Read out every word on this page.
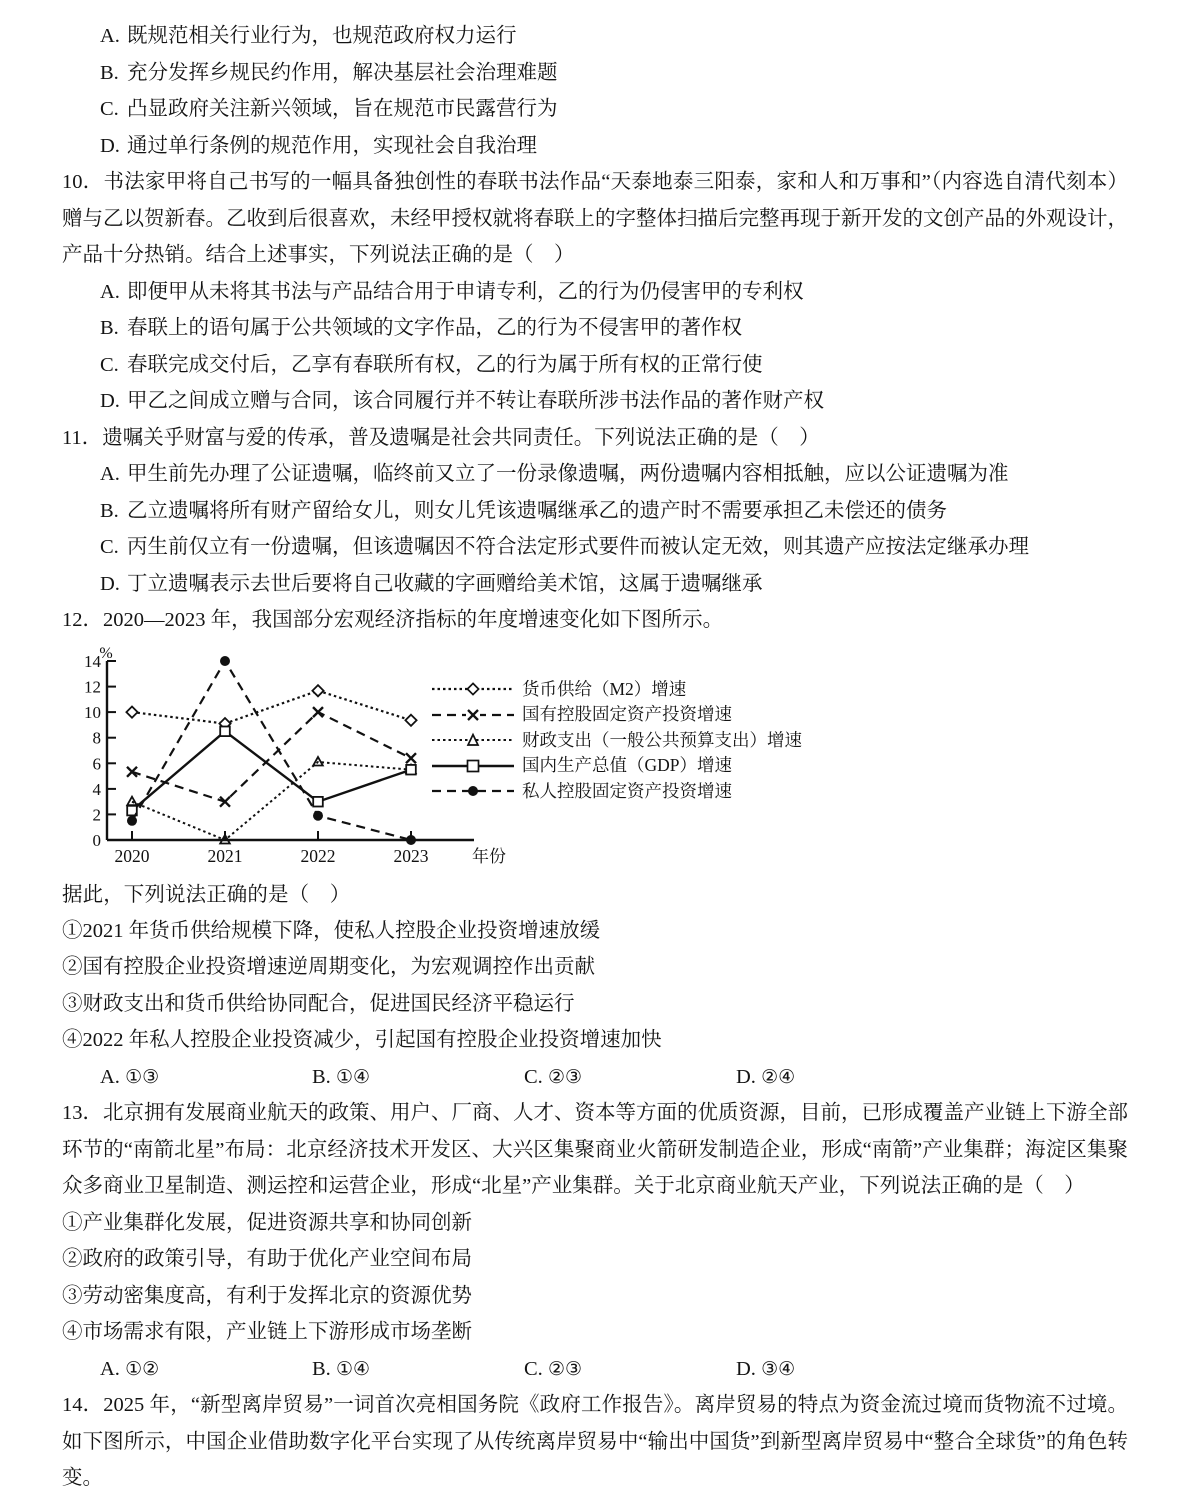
A. 既规范相关行业行为，也规范政府权力运行
B. 充分发挥乡规民约作用，解决基层社会治理难题
C. 凸显政府关注新兴领域，旨在规范市民露营行为
D. 通过单行条例的规范作用，实现社会自我治理
10．书法家甲将自己书写的一幅具备独创性的春联书法作品“天泰地泰三阳泰，家和人和万事和”（内容选自清代刻本）赠与乙以贺新春。乙收到后很喜欢，未经甲授权就将春联上的字整体扫描后完整再现于新开发的文创产品的外观设计，产品十分热销。结合上述事实，下列说法正确的是（　）
A. 即便甲从未将其书法与产品结合用于申请专利，乙的行为仍侵害甲的专利权
B. 春联上的语句属于公共领域的文字作品，乙的行为不侵害甲的著作权
C. 春联完成交付后，乙享有春联所有权，乙的行为属于所有权的正常行使
D. 甲乙之间成立赠与合同，该合同履行并不转让春联所涉书法作品的著作财产权
11．遗嘱关乎财富与爱的传承，普及遗嘱是社会共同责任。下列说法正确的是（　）
A. 甲生前先办理了公证遗嘱，临终前又立了一份录像遗嘱，两份遗嘱内容相抵触，应以公证遗嘱为准
B. 乙立遗嘱将所有财产留给女儿，则女儿凭该遗嘱继承乙的遗产时不需要承担乙未偿还的债务
C. 丙生前仅立有一份遗嘱，但该遗嘱因不符合法定形式要件而被认定无效，则其遗产应按法定继承办理
D. 丁立遗嘱表示去世后要将自己收藏的字画赠给美术馆，这属于遗嘱继承
12．2020—2023 年，我国部分宏观经济指标的年度增速变化如下图所示。
14
12
10
8
6
4
2
0
%
2020	2021	2022	2023	年份
货币供给（M2）增速
国有控股固定资产投资增速
财政支出（一般公共预算支出）增速
国内生产总值（GDP）增速
私人控股固定资产投资增速
据此，下列说法正确的是（　）
①2021 年货币供给规模下降，使私人控股企业投资增速放缓
②国有控股企业投资增速逆周期变化，为宏观调控作出贡献
③财政支出和货币供给协同配合，促进国民经济平稳运行
④2022 年私人控股企业投资减少，引起国有控股企业投资增速加快
A. ①③	B. ①④	C. ②③	D. ②④
13．北京拥有发展商业航天的政策、用户、厂商、人才、资本等方面的优质资源，目前，已形成覆盖产业链上下游全部环节的“南箭北星”布局：北京经济技术开发区、大兴区集聚商业火箭研发制造企业，形成“南箭”产业集群；海淀区集聚众多商业卫星制造、测运控和运营企业，形成“北星”产业集群。关于北京商业航天产业，下列说法正确的是（　）
①产业集群化发展，促进资源共享和协同创新
②政府的政策引导，有助于优化产业空间布局
③劳动密集度高，有利于发挥北京的资源优势
④市场需求有限，产业链上下游形成市场垄断
A. ①②	B. ①④	C. ②③	D. ③④
14．2025 年，“新型离岸贸易”一词首次亮相国务院《政府工作报告》。离岸贸易的特点为资金流过境而货物流不过境。如下图所示，中国企业借助数字化平台实现了从传统离岸贸易中“输出中国货”到新型离岸贸易中“整合全球货”的角色转变。
